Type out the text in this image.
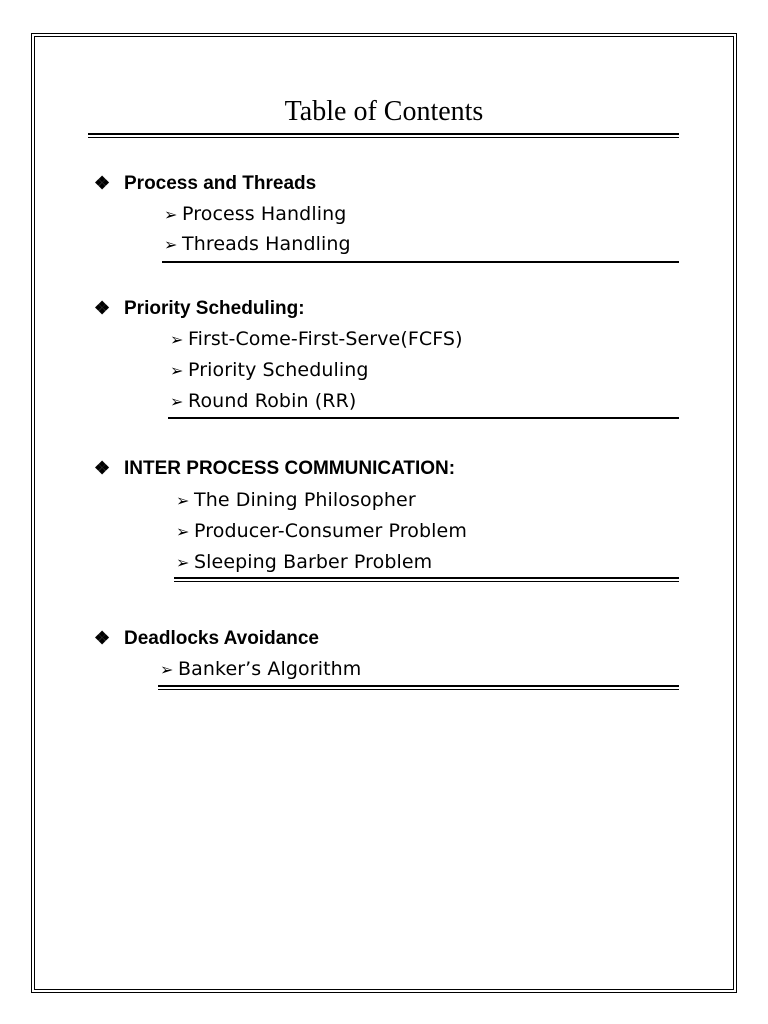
Table of Contents
❖ Process and Threads
➢ Process Handling
➢ Threads Handling
❖ Priority Scheduling:
➢ First-Come-First-Serve(FCFS)
➢ Priority Scheduling
➢ Round Robin (RR)
❖ INTER PROCESS COMMUNICATION:
➢ The Dining Philosopher
➢ Producer-Consumer Problem
➢ Sleeping Barber Problem
❖ Deadlocks Avoidance
➢ Banker’s Algorithm
